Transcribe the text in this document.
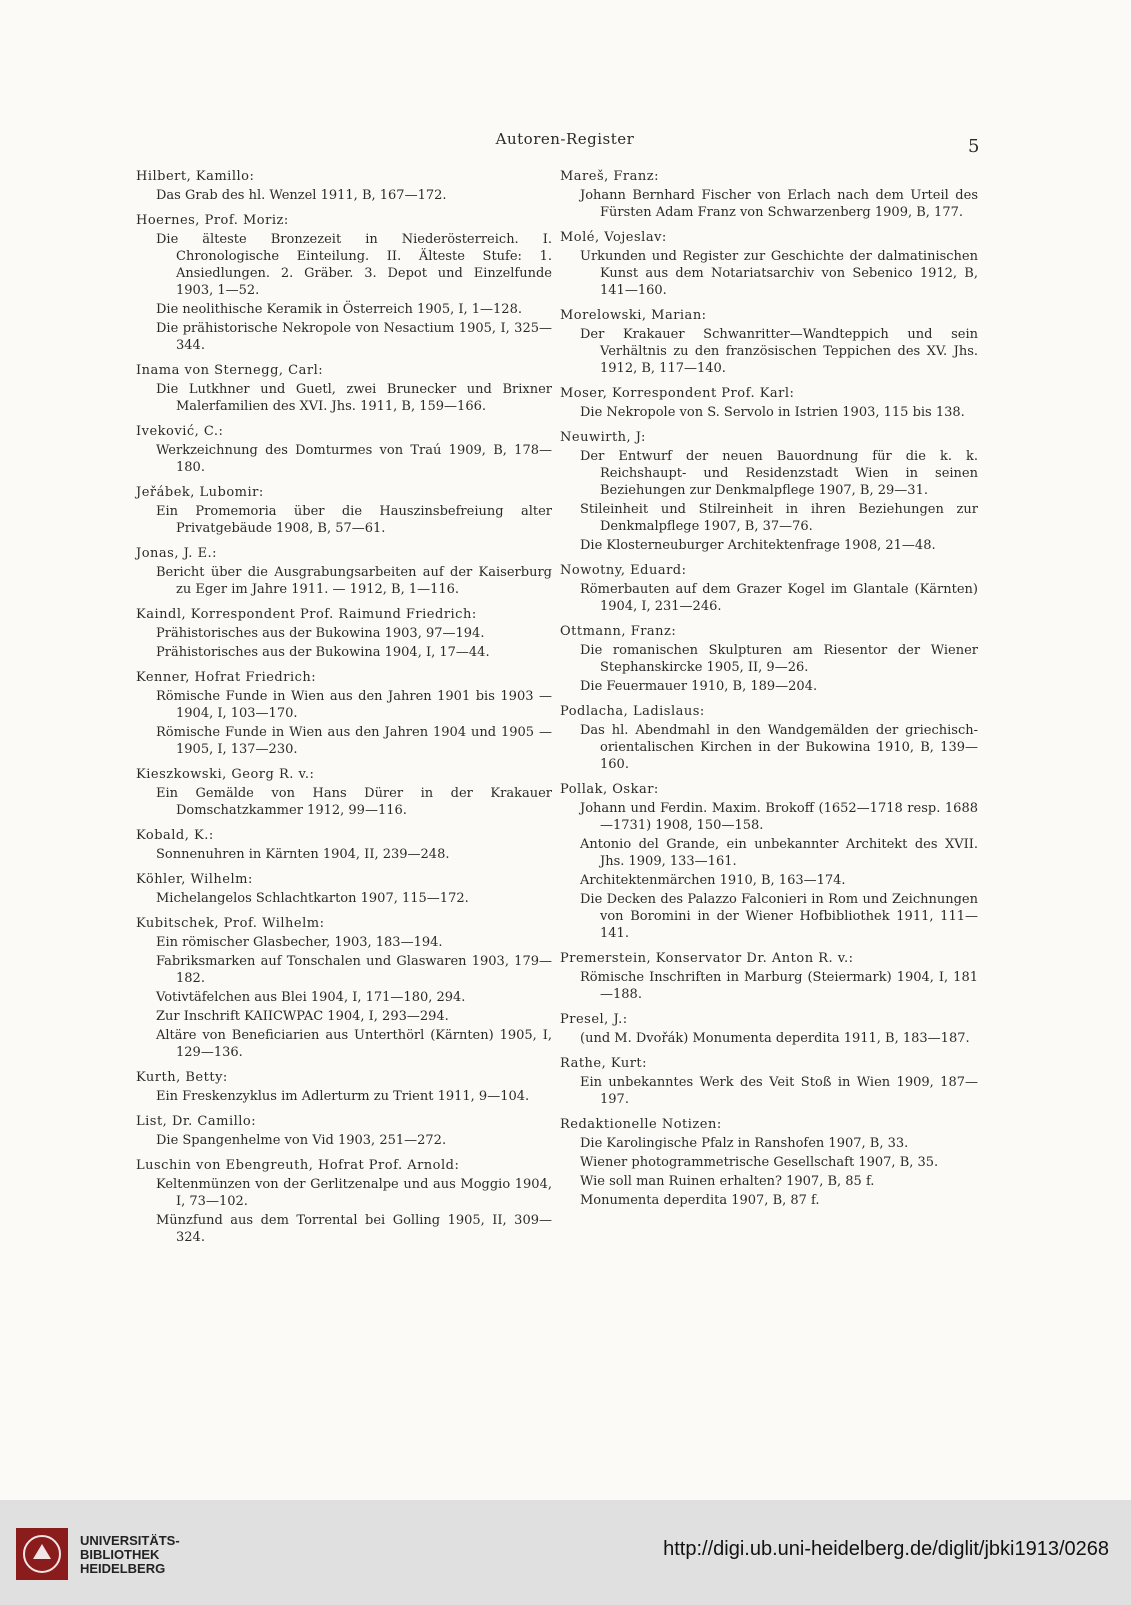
Autoren-Register	5
Hilbert, Kamillo:
Das Grab des hl. Wenzel 1911, B, 167—172.
Hoernes, Prof. Moriz:
Die älteste Bronzezeit in Niederösterreich. I. Chronologische Einteilung. II. Älteste Stufe: 1. Ansiedlungen. 2. Gräber. 3. Depot und Einzelfunde 1903, 1—52.
Die neolithische Keramik in Österreich 1905, I, 1—128.
Die prähistorische Nekropole von Nesactium 1905, I, 325—344.
Inama von Sternegg, Carl:
Die Lutkhner und Guetl, zwei Brunecker und Brixner Malerfamilien des XVI. Jhs. 1911, B, 159—166.
Iveković, C.:
Werkzeichnung des Domturmes von Traú 1909, B, 178—180.
Jeřábek, Lubomir:
Ein Promemoria über die Hauszinsbefreiung alter Privatgebäude 1908, B, 57—61.
Jonas, J. E.:
Bericht über die Ausgrabungsarbeiten auf der Kaiserburg zu Eger im Jahre 1911. — 1912, B, 1—116.
Kaindl, Korrespondent Prof. Raimund Friedrich:
Prähistorisches aus der Bukowina 1903, 97—194.
Prähistorisches aus der Bukowina 1904, I, 17—44.
Kenner, Hofrat Friedrich:
Römische Funde in Wien aus den Jahren 1901 bis 1903 — 1904, I, 103—170.
Römische Funde in Wien aus den Jahren 1904 und 1905 — 1905, I, 137—230.
Kieszkowski, Georg R. v.:
Ein Gemälde von Hans Dürer in der Krakauer Domschatzkammer 1912, 99—116.
Kobald, K.:
Sonnenuhren in Kärnten 1904, II, 239—248.
Köhler, Wilhelm:
Michelangelos Schlachtkarton 1907, 115—172.
Kubitschek, Prof. Wilhelm:
Ein römischer Glasbecher, 1903, 183—194.
Fabriksmarken auf Tonschalen und Glaswaren 1903, 179—182.
Votivtäfelchen aus Blei 1904, I, 171—180, 294.
Zur Inschrift KAIICWPAC 1904, I, 293—294.
Altäre von Beneficiarien aus Unterthörl (Kärnten) 1905, I, 129—136.
Kurth, Betty:
Ein Freskenzyklus im Adlerturm zu Trient 1911, 9—104.
List, Dr. Camillo:
Die Spangenhelme von Vid 1903, 251—272.
Luschin von Ebengreuth, Hofrat Prof. Arnold:
Keltenmünzen von der Gerlitzenalpe und aus Moggio 1904, I, 73—102.
Münzfund aus dem Torrental bei Golling 1905, II, 309—324.
Mareš, Franz:
Johann Bernhard Fischer von Erlach nach dem Urteil des Fürsten Adam Franz von Schwarzenberg 1909, B, 177.
Molé, Vojeslav:
Urkunden und Register zur Geschichte der dalmatinischen Kunst aus dem Notariatsarchiv von Sebenico 1912, B, 141—160.
Morelowski, Marian:
Der Krakauer Schwanritter—Wandteppich und sein Verhältnis zu den französischen Teppichen des XV. Jhs. 1912, B, 117—140.
Moser, Korrespondent Prof. Karl:
Die Nekropole von S. Servolo in Istrien 1903, 115 bis 138.
Neuwirth, J:
Der Entwurf der neuen Bauordnung für die k. k. Reichshaupt- und Residenzstadt Wien in seinen Beziehungen zur Denkmalpflege 1907, B, 29—31.
Stileinheit und Stilreinheit in ihren Beziehungen zur Denkmalpflege 1907, B, 37—76.
Die Klosterneuburger Architektenfrage 1908, 21—48.
Nowotny, Eduard:
Römerbauten auf dem Grazer Kogel im Glantale (Kärnten) 1904, I, 231—246.
Ottmann, Franz:
Die romanischen Skulpturen am Riesentor der Wiener Stephanskircke 1905, II, 9—26.
Die Feuermauer 1910, B, 189—204.
Podlacha, Ladislaus:
Das hl. Abendmahl in den Wandgemälden der griechisch-orientalischen Kirchen in der Bukowina 1910, B, 139—160.
Pollak, Oskar:
Johann und Ferdin. Maxim. Brokoff (1652—1718 resp. 1688—1731) 1908, 150—158.
Antonio del Grande, ein unbekannter Architekt des XVII. Jhs. 1909, 133—161.
Architektenmärchen 1910, B, 163—174.
Die Decken des Palazzo Falconieri in Rom und Zeichnungen von Boromini in der Wiener Hofbibliothek 1911, 111—141.
Premerstein, Konservator Dr. Anton R. v.:
Römische Inschriften in Marburg (Steiermark) 1904, I, 181—188.
Presel, J.:
(und M. Dvořák) Monumenta deperdita 1911, B, 183—187.
Rathe, Kurt:
Ein unbekanntes Werk des Veit Stoß in Wien 1909, 187—197.
Redaktionelle Notizen:
Die Karolingische Pfalz in Ranshofen 1907, B, 33.
Wiener photogrammetrische Gesellschaft 1907, B, 35.
Wie soll man Ruinen erhalten? 1907, B, 85 f.
Monumenta deperdita 1907, B, 87 f.
UNIVERSITÄTS-
BIBLIOTHEK
HEIDELBERG
http://digi.ub.uni-heidelberg.de/diglit/jbki1913/0268
